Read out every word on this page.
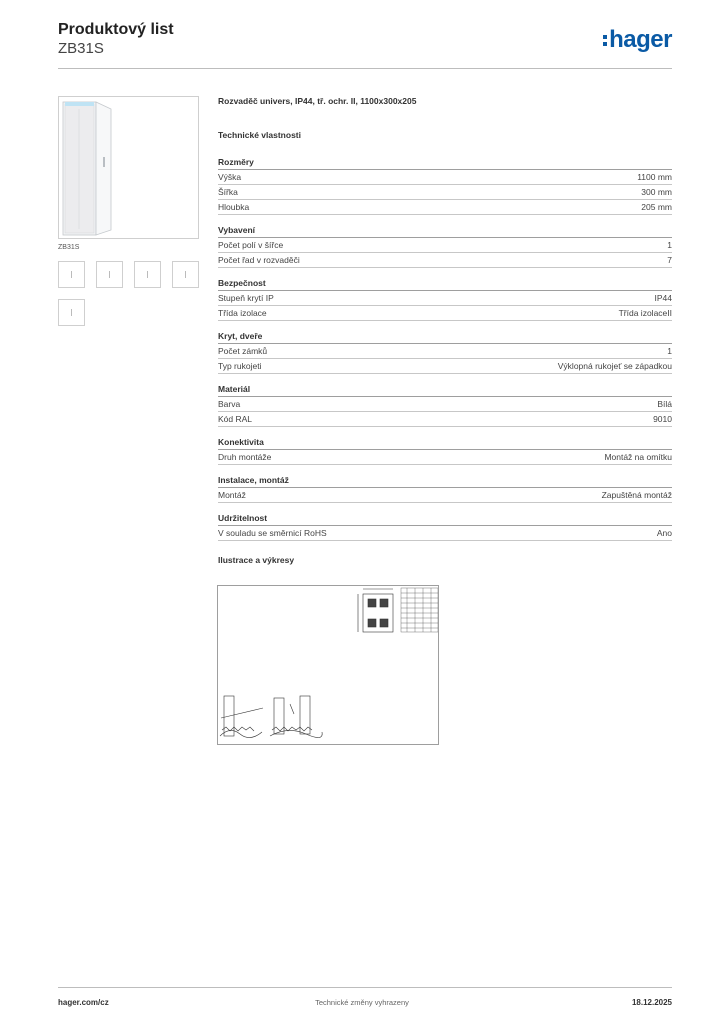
Produktový list
ZB31S	hager
ZB31S
Rozvaděč univers, IP44, tř. ochr. II, 1100x300x205
Technické vlastnosti
Rozměry
Výška	1100 mm
Šířka	300 mm
Hloubka	205 mm
Vybavení
Počet polí v šířce	1
Počet řad v rozvaděči	7
Bezpečnost
Stupeň krytí IP	IP44
Třída izolace	Třída izolaceII
Kryt, dveře
Počet zámků	1
Typ rukojeti	Výklopná rukojeť se západkou
Materiál
Barva	Bílá
Kód RAL	9010
Konektivita
Druh montáže	Montáž na omítku
Instalace, montáž
Montáž	Zapuštěná montáž
Udržitelnost
V souladu se směrnicí RoHS	Ano
Ilustrace a výkresy
hager.com/cz	Technické změny vyhrazeny	18.12.2025
